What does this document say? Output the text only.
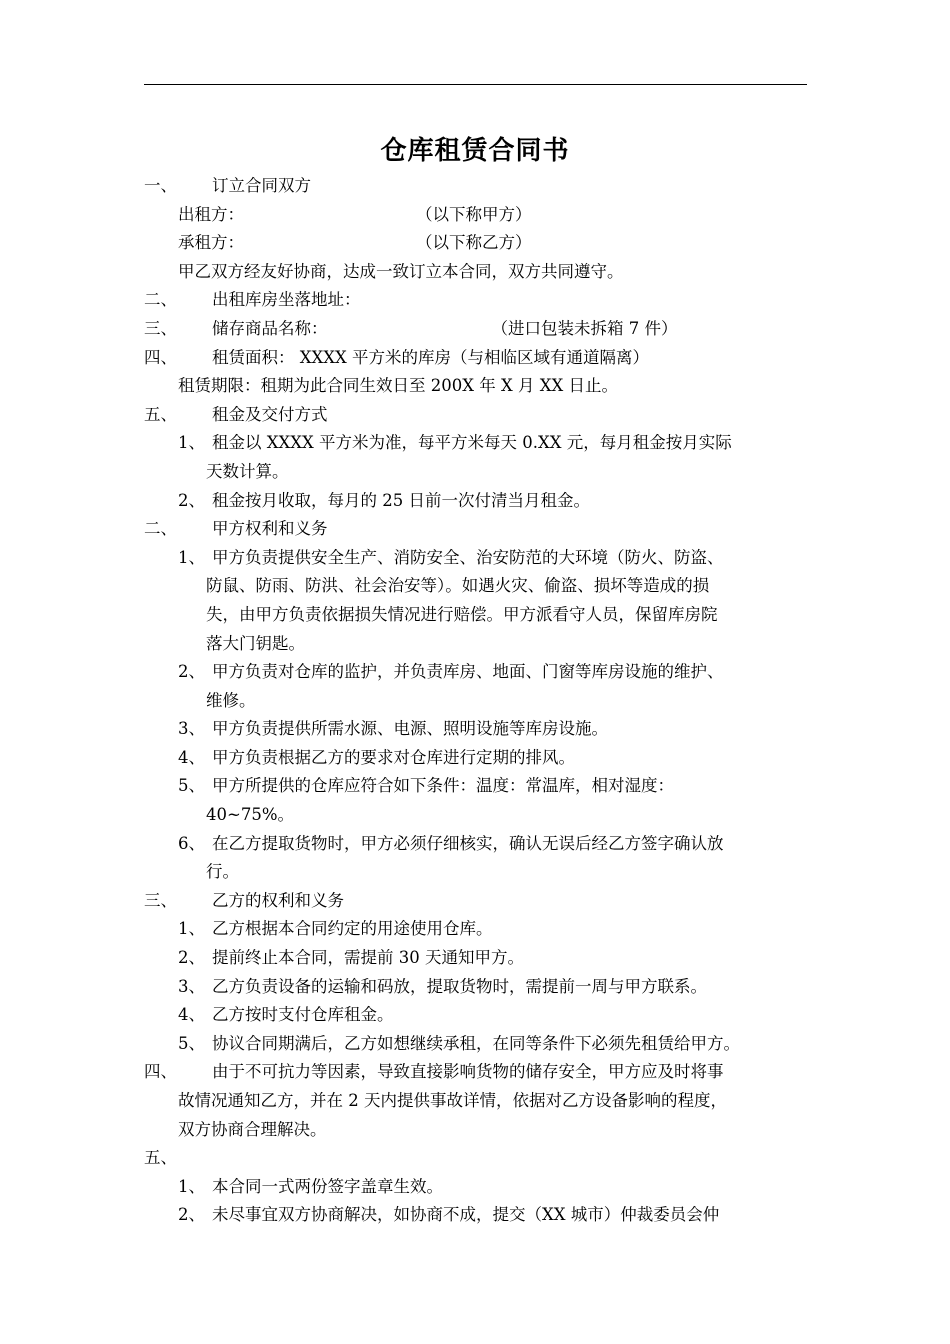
仓库租赁合同书
一、 订立合同双方
出租方：	（以下称甲方）
承租方：	（以下称乙方）
甲乙双方经友好协商，达成一致订立本合同，双方共同遵守。
二、 出租库房坐落地址：
三、 储存商品名称：	（进口包装未拆箱 7 件）
四、 租赁面积： XXXX 平方米的库房（与相临区域有通道隔离）
租赁期限：租期为此合同生效日至 200X 年 X 月 XX 日止。
五、 租金及交付方式
1、 租金以 XXXX 平方米为准，每平方米每天 0.XX 元，每月租金按月实际
天数计算。
2、 租金按月收取，每月的 25 日前一次付清当月租金。
二、 甲方权利和义务
1、 甲方负责提供安全生产、消防安全、治安防范的大环境（防火、防盗、
防鼠、防雨、防洪、社会治安等）。如遇火灾、偷盗、损坏等造成的损
失，由甲方负责依据损失情况进行赔偿。甲方派看守人员，保留库房院
落大门钥匙。
2、 甲方负责对仓库的监护，并负责库房、地面、门窗等库房设施的维护、
维修。
3、 甲方负责提供所需水源、电源、照明设施等库房设施。
4、 甲方负责根据乙方的要求对仓库进行定期的排风。
5、 甲方所提供的仓库应符合如下条件：温度：常温库，相对湿度：
40~75%。
6、 在乙方提取货物时，甲方必须仔细核实，确认无误后经乙方签字确认放
行。
三、 乙方的权利和义务
1、 乙方根据本合同约定的用途使用仓库。
2、 提前终止本合同，需提前 30 天通知甲方。
3、 乙方负责设备的运输和码放，提取货物时，需提前一周与甲方联系。
4、 乙方按时支付仓库租金。
5、 协议合同期满后，乙方如想继续承租，在同等条件下必须先租赁给甲方。
四、 由于不可抗力等因素，导致直接影响货物的储存安全，甲方应及时将事
故情况通知乙方，并在 2 天内提供事故详情，依据对乙方设备影响的程度，
双方协商合理解决。
五、
1、 本合同一式两份签字盖章生效。
2、 未尽事宜双方协商解决，如协商不成，提交（XX 城市）仲裁委员会仲
